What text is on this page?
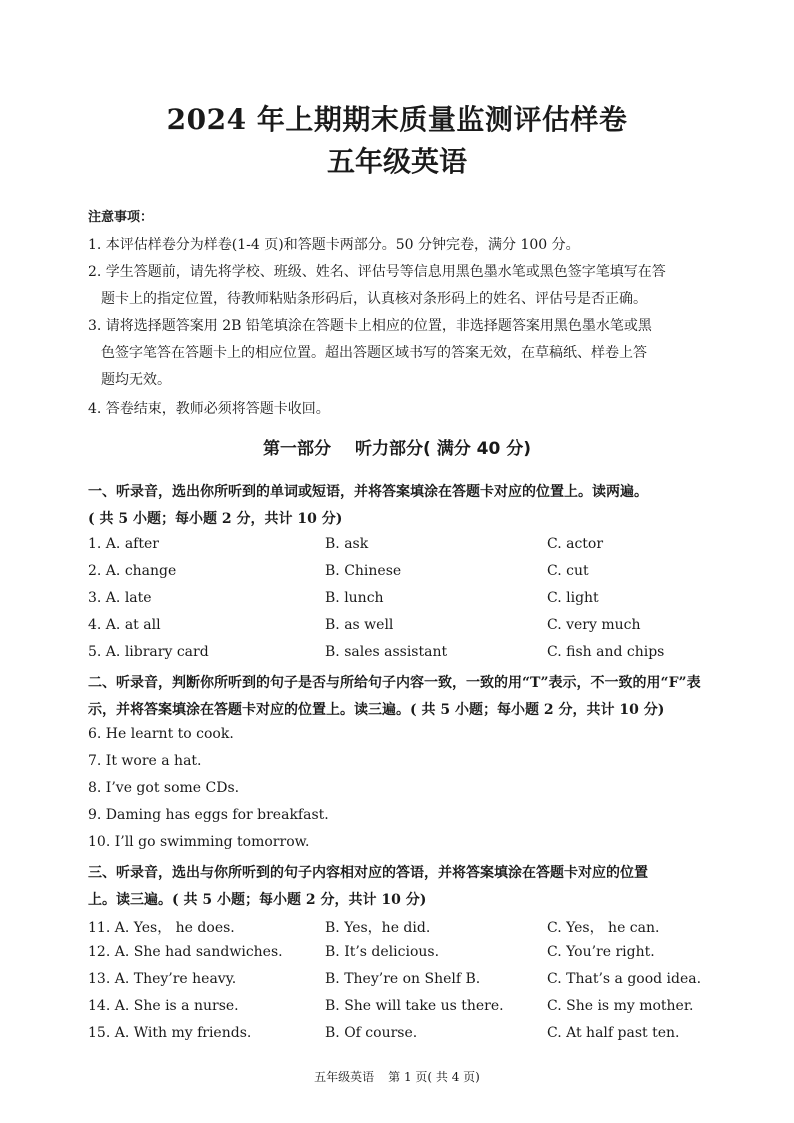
2024 年上期期末质量监测评估样卷
五年级英语
注意事项：
1. 本评估样卷分为样卷(1-4 页)和答题卡两部分。50 分钟完卷，满分 100 分。
2. 学生答题前，请先将学校、班级、姓名、评估号等信息用黑色墨水笔或黑色签字笔填写在答
题卡上的指定位置，待教师粘贴条形码后，认真核对条形码上的姓名、评估号是否正确。
3. 请将选择题答案用 2B 铅笔填涂在答题卡上相应的位置，非选择题答案用黑色墨水笔或黑
色签字笔答在答题卡上的相应位置。超出答题区域书写的答案无效，在草稿纸、样卷上答
题均无效。
4. 答卷结束，教师必须将答题卡收回。
第一部分 听力部分( 满分 40 分)
一、听录音，选出你所听到的单词或短语，并将答案填涂在答题卡对应的位置上。读两遍。
( 共 5 小题；每小题 2 分，共计 10 分)
1. A. after	B. ask	C. actor
2. A. change	B. Chinese	C. cut
3. A. late	B. lunch	C. light
4. A. at all	B. as well	C. very much
5. A. library card	B. sales assistant	C. fish and chips
二、听录音，判断你所听到的句子是否与所给句子内容一致，一致的用“T”表示，不一致的用“F”表
示，并将答案填涂在答题卡对应的位置上。读三遍。( 共 5 小题；每小题 2 分，共计 10 分)
6. He learnt to cook.
7. It wore a hat.
8. I’ve got some CDs.
9. Daming has eggs for breakfast.
10. I’ll go swimming tomorrow.
三、听录音，选出与你所听到的句子内容相对应的答语，并将答案填涂在答题卡对应的位置
上。读三遍。( 共 5 小题；每小题 2 分，共计 10 分)
11. A. Yes， he does.	B. Yes，he did.	C. Yes， he can.
12. A. She had sandwiches.	B. It’s delicious.	C. You’re right.
13. A. They’re heavy.	B. They’re on Shelf B.	C. That’s a good idea.
14. A. She is a nurse.	B. She will take us there.	C. She is my mother.
15. A. With my friends.	B. Of course.	C. At half past ten.
五年级英语 第 1 页( 共 4 页)
